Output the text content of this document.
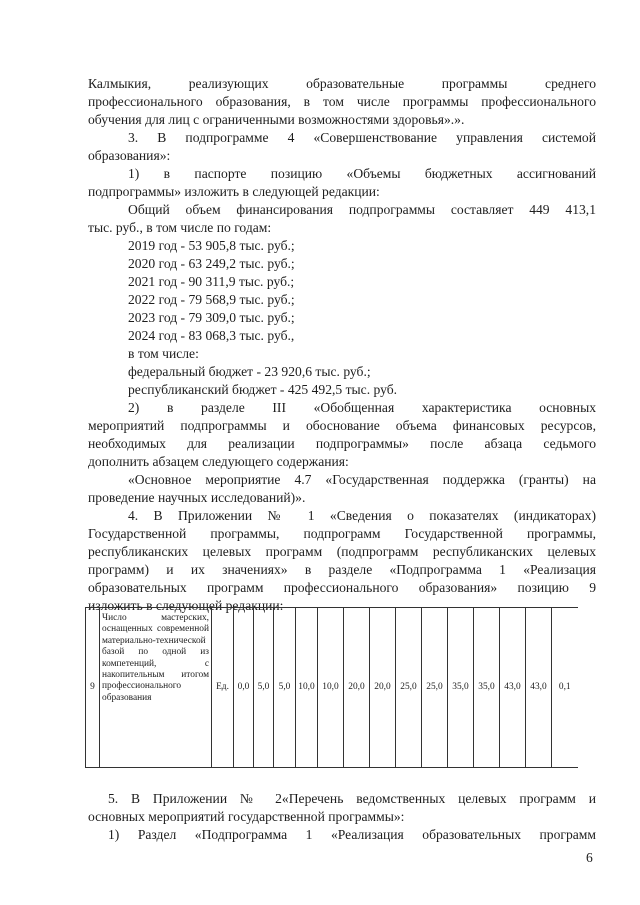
Калмыкия, реализующих образовательные программы среднего
профессионального образования, в том числе программы профессионального
обучения для лиц с ограниченными возможностями здоровья».».
3. В подпрограмме 4 «Совершенствование управления системой
образования»:
1) в паспорте позицию «Объемы бюджетных ассигнований
подпрограммы» изложить в следующей редакции:
Общий объем финансирования подпрограммы составляет 449 413,1
тыс. руб., в том числе по годам:
2019 год - 53 905,8 тыс. руб.;
2020 год - 63 249,2 тыс. руб.;
2021 год - 90 311,9 тыс. руб.;
2022 год - 79 568,9 тыс. руб.;
2023 год - 79 309,0 тыс. руб.;
2024 год - 83 068,3 тыс. руб.,
в том числе:
федеральный бюджет - 23 920,6 тыс. руб.;
республиканский бюджет - 425 492,5 тыс. руб.
2) в разделе III «Обобщенная характеристика основных
мероприятий подпрограммы и обоснование объема финансовых ресурсов,
необходимых для реализации подпрограммы» после абзаца седьмого
дополнить абзацем следующего содержания:
«Основное мероприятие 4.7 «Государственная поддержка (гранты) на
проведение научных исследований)».
4. В Приложении № 1 «Сведения о показателях (индикаторах)
Государственной программы, подпрограмм Государственной программы,
республиканских целевых программ (подпрограмм республиканских целевых
программ) и их значениях» в разделе «Подпрограмма 1 «Реализация
образовательных программ профессионального образования» позицию 9
изложить в следующей редакции:
9	Число мастерских, оснащенных современной материально-технической базой по одной из компетенций, с накопительным итогом профессионального образования	Ед.	0,0	5,0	5,0	10,0	10,0	20,0	20,0	25,0	25,0	35,0	35,0	43,0	43,0	0,1
5. В Приложении № 2«Перечень ведомственных целевых программ и
основных мероприятий государственной программы»:
1) Раздел «Подпрограмма 1 «Реализация образовательных программ
6
